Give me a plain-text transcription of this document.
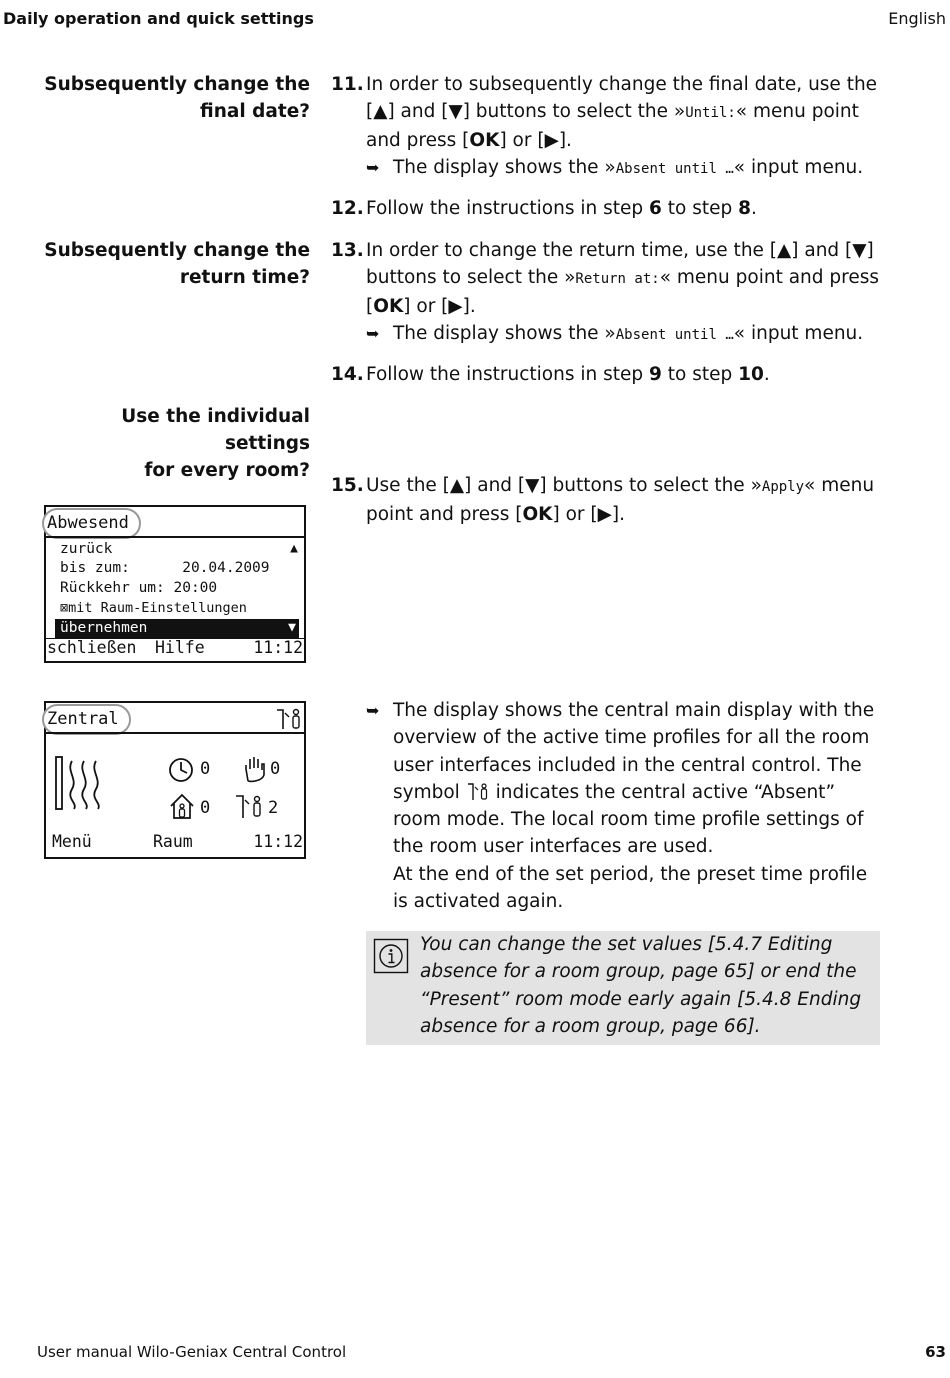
Daily operation and quick settings	English
Subsequently change the
final date?
Subsequently change the
return time?
Use the individual settings
for every room?
11. In order to subsequently change the final date, use the [▲] and [▼] buttons to select the »Until:« menu point and press [OK] or [▶].
➥ The display shows the »Absent until …« input menu.
12. Follow the instructions in step 6 to step 8.
13. In order to change the return time, use the [▲] and [▼] buttons to select the »Return at:« menu point and press [OK] or [▶].
➥ The display shows the »Absent until …« input menu.
14. Follow the instructions in step 9 to step 10.
15. Use the [▲] and [▼] buttons to select the »Apply« menu point and press [OK] or [▶].
Abwesend
zurück	▲
bis zum:      20.04.2009
Rückkehr um: 20:00
⊠mit Raum-Einstellungen
übernehmen	▼
schließen Hilfe	11:12
Zentral
0	0
0	2
Menü	Raum	11:12
➥ The display shows the central main display with the overview of the active time profiles for all the room user interfaces included in the central control. The symbol  indicates the central active “Absent” room mode. The local room time profile settings of the room user interfaces are used.
At the end of the set period, the preset time profile is activated again.
You can change the set values [5.4.7 Editing absence for a room group, page 65] or end the “Present” room mode early again [5.4.8 Ending absence for a room group, page 66].
User manual Wilo-Geniax Central Control	63
